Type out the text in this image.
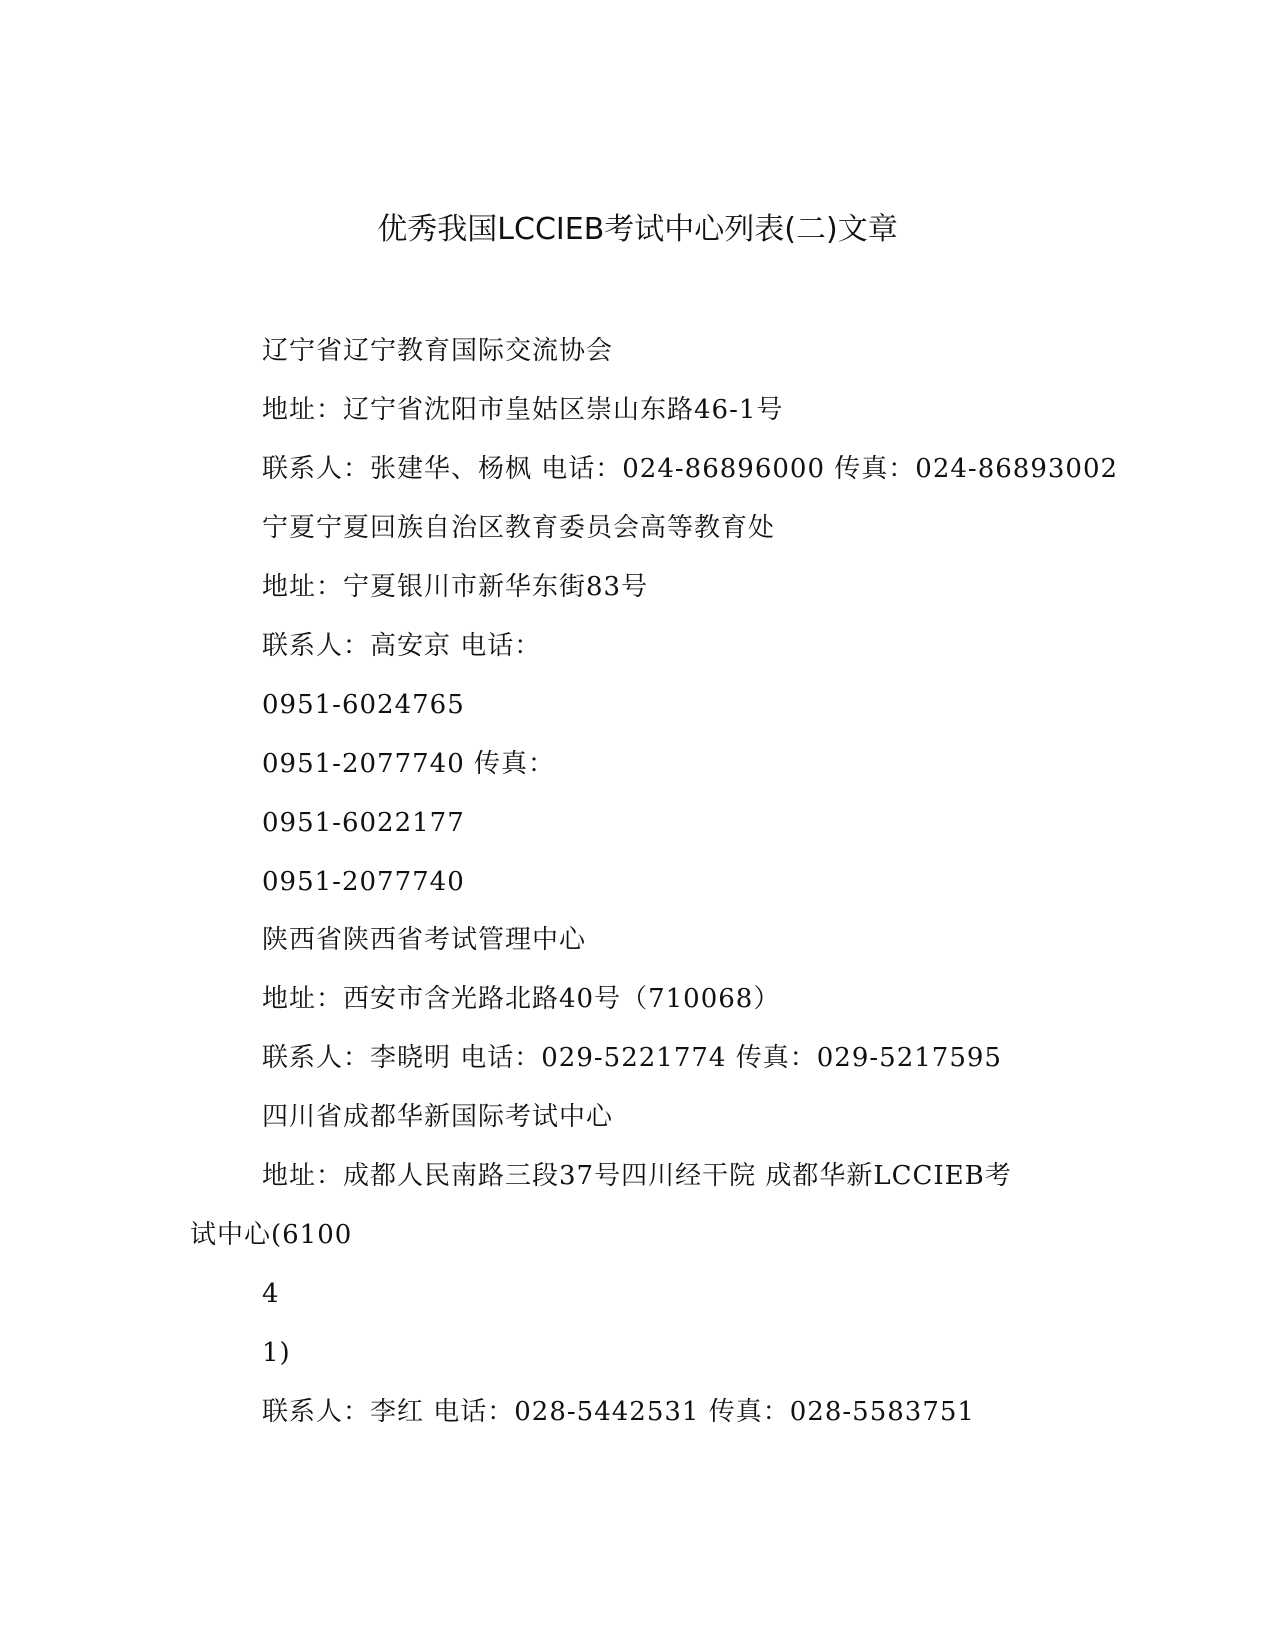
优秀我国LCCIEB考试中心列表(二)文章
辽宁省辽宁教育国际交流协会
地址：辽宁省沈阳市皇姑区崇山东路46-1号
联系人：张建华、杨枫 电话：024-86896000 传真：024-86893002
宁夏宁夏回族自治区教育委员会高等教育处
地址：宁夏银川市新华东街83号
联系人：高安京 电话：
0951-6024765
0951-2077740 传真：
0951-6022177
0951-2077740
陕西省陕西省考试管理中心
地址：西安市含光路北路40号（710068）
联系人：李晓明 电话：029-5221774 传真：029-5217595
四川省成都华新国际考试中心
地址：成都人民南路三段37号四川经干院 成都华新LCCIEB考
试中心(6100
4
1)
联系人：李红 电话：028-5442531 传真：028-5583751
